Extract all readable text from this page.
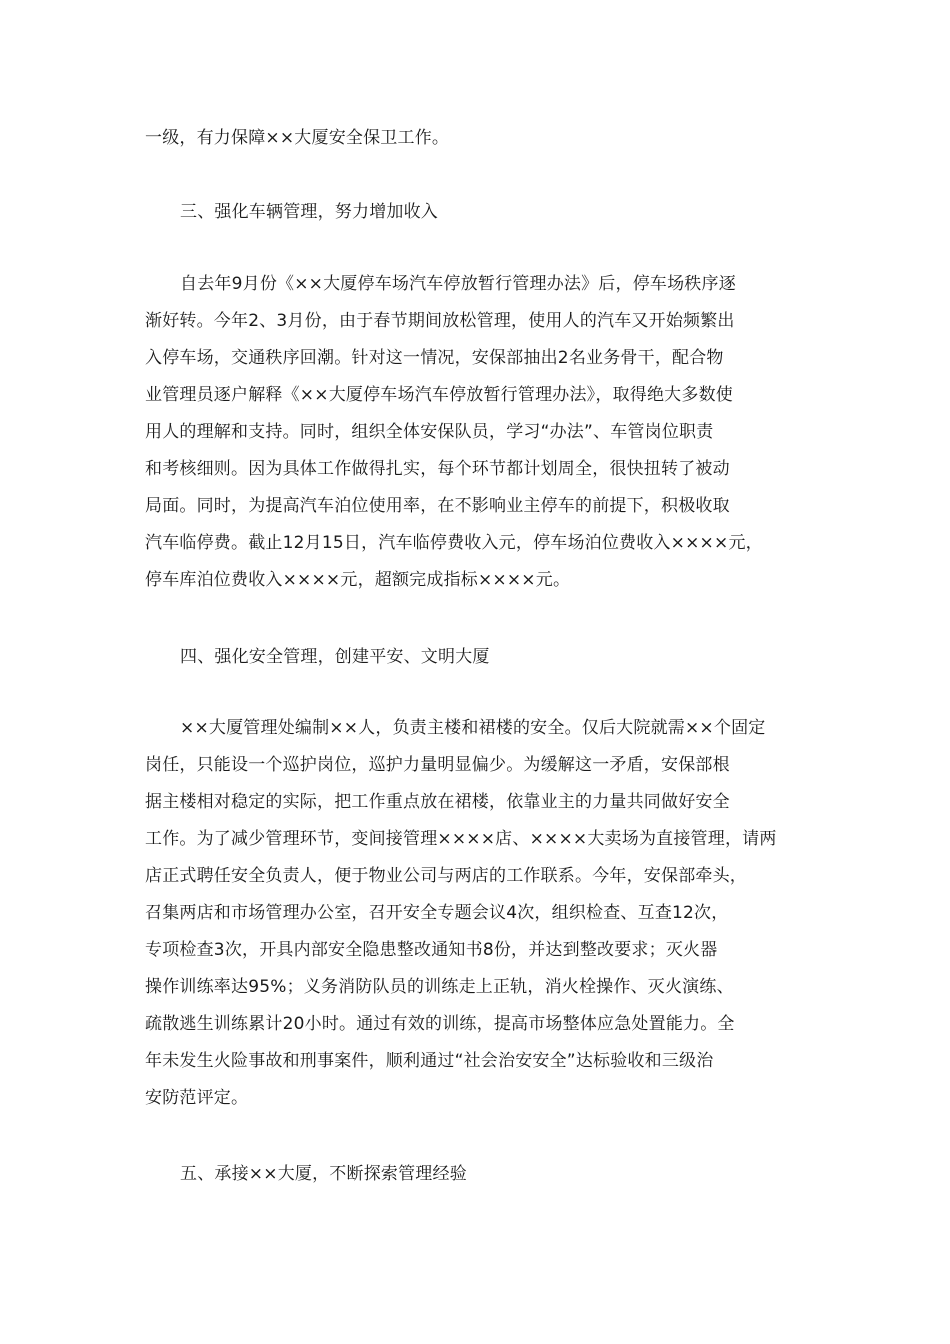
一级，有力保障××大厦安全保卫工作。
三、强化车辆管理，努力增加收入
自去年9月份《××大厦停车场汽车停放暂行管理办法》后，停车场秩序逐
渐好转。今年2、3月份，由于春节期间放松管理，使用人的汽车又开始频繁出
入停车场，交通秩序回潮。针对这一情况，安保部抽出2名业务骨干，配合物
业管理员逐户解释《××大厦停车场汽车停放暂行管理办法》，取得绝大多数使
用人的理解和支持。同时，组织全体安保队员，学习“办法”、车管岗位职责
和考核细则。因为具体工作做得扎实，每个环节都计划周全，很快扭转了被动
局面。同时，为提高汽车泊位使用率，在不影响业主停车的前提下，积极收取
汽车临停费。截止12月15日，汽车临停费收入元，停车场泊位费收入××××元，
停车库泊位费收入××××元，超额完成指标××××元。
四、强化安全管理，创建平安、文明大厦
××大厦管理处编制××人，负责主楼和裙楼的安全。仅后大院就需××个固定
岗任，只能设一个巡护岗位，巡护力量明显偏少。为缓解这一矛盾，安保部根
据主楼相对稳定的实际，把工作重点放在裙楼，依靠业主的力量共同做好安全
工作。为了减少管理环节，变间接管理××××店、××××大卖场为直接管理，请两
店正式聘任安全负责人，便于物业公司与两店的工作联系。今年，安保部牵头，
召集两店和市场管理办公室，召开安全专题会议4次，组织检查、互查12次，
专项检查3次，开具内部安全隐患整改通知书8份，并达到整改要求；灭火器
操作训练率达95%；义务消防队员的训练走上正轨，消火栓操作、灭火演练、
疏散逃生训练累计20小时。通过有效的训练，提高市场整体应急处置能力。全
年未发生火险事故和刑事案件，顺利通过“社会治安安全”达标验收和三级治
安防范评定。
五、承接××大厦，不断探索管理经验
